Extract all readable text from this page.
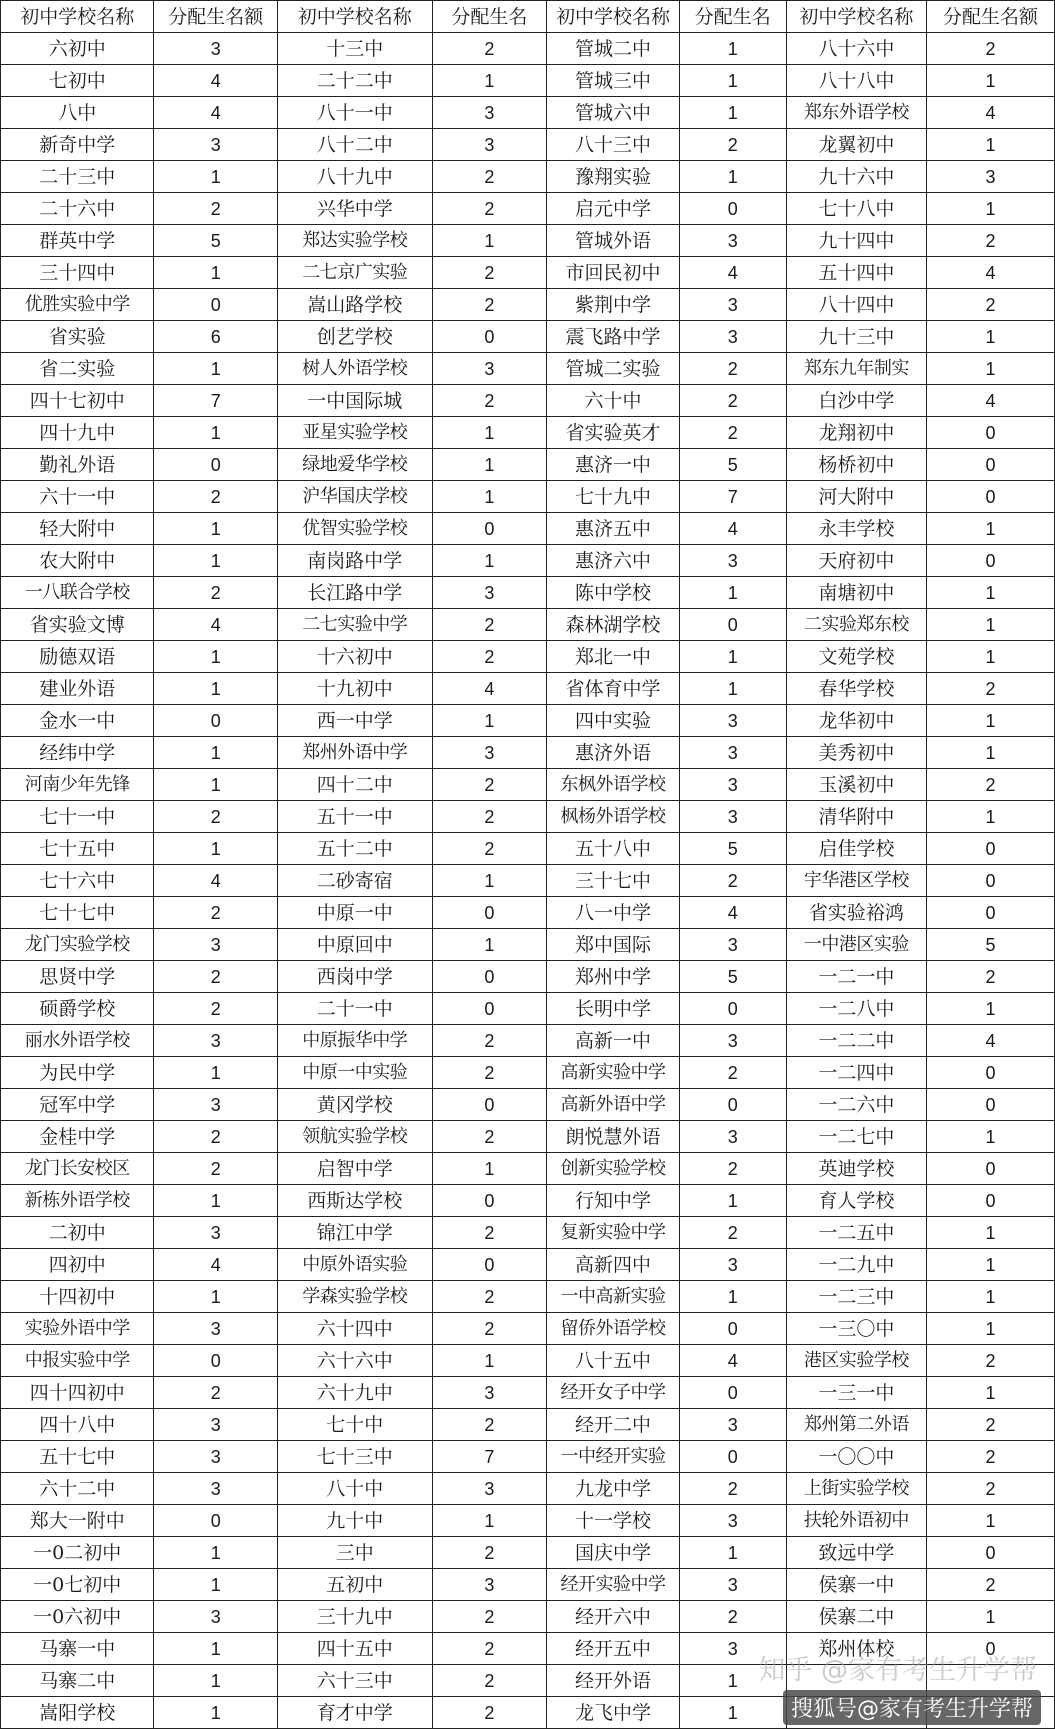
初中学校名称	分配生名额	初中学校名称	分配生名	初中学校名称	分配生名	初中学校名称	分配生名额
六初中	3	十三中	2	管城二中	1	八十六中	2
七初中	4	二十二中	1	管城三中	1	八十八中	1
八中	4	八十一中	3	管城六中	1	郑东外语学校	4
新奇中学	3	八十二中	3	八十三中	2	龙翼初中	1
二十三中	1	八十九中	2	豫翔实验	1	九十六中	3
二十六中	2	兴华中学	2	启元中学	0	七十八中	1
群英中学	5	郑达实验学校	1	管城外语	3	九十四中	2
三十四中	1	二七京广实验	2	市回民初中	4	五十四中	4
优胜实验中学	0	嵩山路学校	2	紫荆中学	3	八十四中	2
省实验	6	创艺学校	0	震飞路中学	3	九十三中	1
省二实验	1	树人外语学校	3	管城二实验	2	郑东九年制实	1
四十七初中	7	一中国际城	2	六十中	2	白沙中学	4
四十九中	1	亚星实验学校	1	省实验英才	2	龙翔初中	0
勤礼外语	0	绿地爱华学校	1	惠济一中	5	杨桥初中	0
六十一中	2	沪华国庆学校	1	七十九中	7	河大附中	0
轻大附中	1	优智实验学校	0	惠济五中	4	永丰学校	1
农大附中	1	南岗路中学	1	惠济六中	3	天府初中	0
一八联合学校	2	长江路中学	3	陈中学校	1	南塘初中	1
省实验文博	4	二七实验中学	2	森林湖学校	0	二实验郑东校	1
励德双语	1	十六初中	2	郑北一中	1	文苑学校	1
建业外语	1	十九初中	4	省体育中学	1	春华学校	2
金水一中	0	西一中学	1	四中实验	3	龙华初中	1
经纬中学	1	郑州外语中学	3	惠济外语	3	美秀初中	1
河南少年先锋	1	四十二中	2	东枫外语学校	3	玉溪初中	2
七十一中	2	五十一中	2	枫杨外语学校	3	清华附中	1
七十五中	1	五十二中	2	五十八中	5	启佳学校	0
七十六中	4	二砂寄宿	1	三十七中	2	宇华港区学校	0
七十七中	2	中原一中	0	八一中学	4	省实验裕鸿	0
龙门实验学校	3	中原回中	1	郑中国际	3	一中港区实验	5
思贤中学	2	西岗中学	0	郑州中学	5	一二一中	2
硕爵学校	2	二十一中	0	长明中学	0	一二八中	1
丽水外语学校	3	中原振华中学	2	高新一中	3	一二二中	4
为民中学	1	中原一中实验	2	高新实验中学	2	一二四中	0
冠军中学	3	黄冈学校	0	高新外语中学	0	一二六中	0
金桂中学	2	领航实验学校	2	朗悦慧外语	3	一二七中	1
龙门长安校区	2	启智中学	1	创新实验学校	2	英迪学校	0
新栋外语学校	1	西斯达学校	0	行知中学	1	育人学校	0
二初中	3	锦江中学	2	复新实验中学	2	一二五中	1
四初中	4	中原外语实验	0	高新四中	3	一二九中	1
十四初中	1	学森实验学校	2	一中高新实验	1	一二三中	1
实验外语中学	3	六十四中	2	留侨外语学校	0	一三〇中	1
中报实验中学	0	六十六中	1	八十五中	4	港区实验学校	2
四十四初中	2	六十九中	3	经开女子中学	0	一三一中	1
四十八中	3	七十中	2	经开二中	3	郑州第二外语	2
五十七中	3	七十三中	7	一中经开实验	0	一〇〇中	2
六十二中	3	八十中	3	九龙中学	2	上街实验学校	2
郑大一附中	0	九十中	1	十一学校	3	扶轮外语初中	1
一0二初中	1	三中	2	国庆中学	1	致远中学	0
一0七初中	1	五初中	3	经开实验中学	3	侯寨一中	2
一0六初中	3	三十九中	2	经开六中	2	侯寨二中	1
马寨一中	1	四十五中	2	经开五中	3	郑州体校	0
马寨二中	1	六十三中	2	经开外语	1		
嵩阳学校	1	育才中学	2	龙飞中学	1		
知乎 @家有考生升学帮
搜狐号@家有考生升学帮
